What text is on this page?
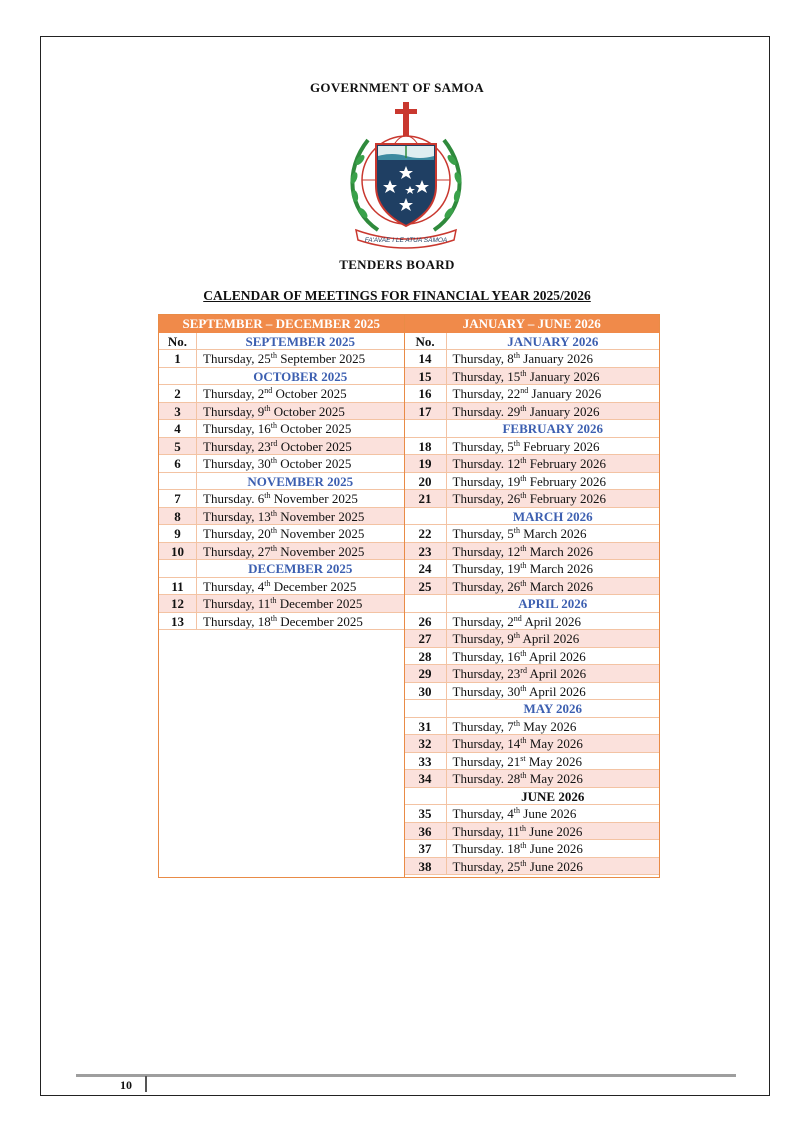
GOVERNMENT OF SAMOA
FA'AVAE I LE ATUA SAMOA
TENDERS BOARD
CALENDAR OF MEETINGS FOR FINANCIAL YEAR 2025/2026
SEPTEMBER – DECEMBER 2025
No.	SEPTEMBER 2025
1	Thursday, 25th September 2025
OCTOBER 2025
2	Thursday, 2nd October 2025
3	Thursday, 9th October 2025
4	Thursday, 16th October 2025
5	Thursday, 23rd October 2025
6	Thursday, 30th October 2025
NOVEMBER 2025
7	Thursday. 6th November 2025
8	Thursday, 13th November 2025
9	Thursday, 20th November 2025
10	Thursday, 27th November 2025
DECEMBER 2025
11	Thursday, 4th December 2025
12	Thursday, 11th December 2025
13	Thursday, 18th December 2025
JANUARY – JUNE 2026
No.	JANUARY 2026
14	Thursday, 8th January 2026
15	Thursday, 15th January 2026
16	Thursday, 22nd January 2026
17	Thursday. 29th January 2026
FEBRUARY 2026
18	Thursday, 5th February 2026
19	Thursday. 12th February 2026
20	Thursday, 19th February 2026
21	Thursday, 26th February 2026
MARCH 2026
22	Thursday, 5th March 2026
23	Thursday, 12th March 2026
24	Thursday, 19th March 2026
25	Thursday, 26th March 2026
APRIL 2026
26	Thursday, 2nd April 2026
27	Thursday, 9th April 2026
28	Thursday, 16th April 2026
29	Thursday, 23rd April 2026
30	Thursday, 30th April 2026
MAY 2026
31	Thursday, 7th May 2026
32	Thursday, 14th May 2026
33	Thursday, 21st May 2026
34	Thursday. 28th May 2026
JUNE 2026
35	Thursday, 4th June 2026
36	Thursday, 11th June 2026
37	Thursday. 18th June 2026
38	Thursday, 25th June 2026
10
